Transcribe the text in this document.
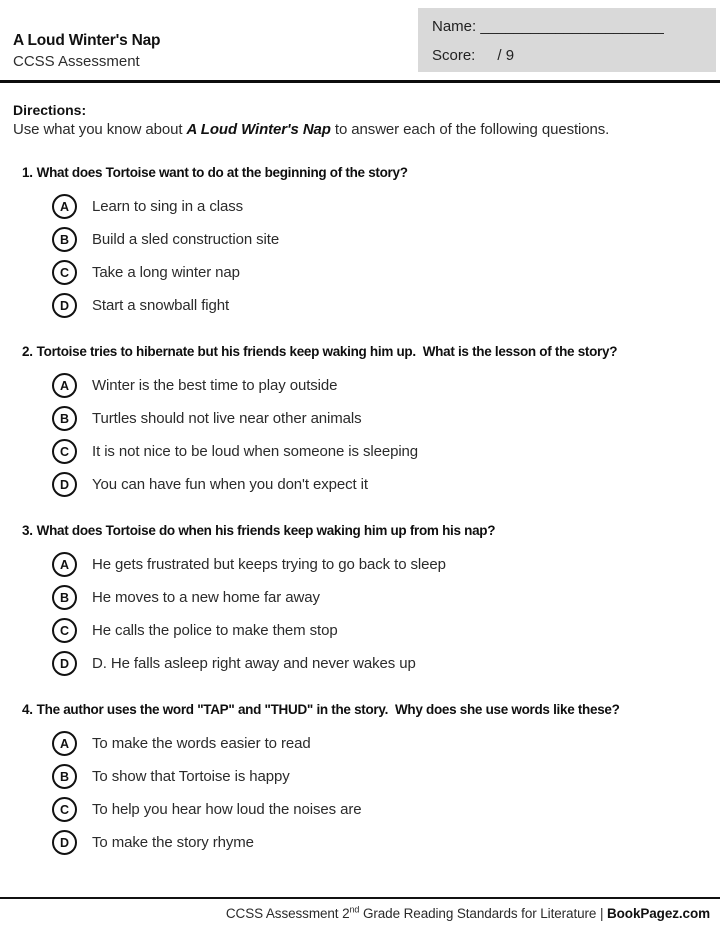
A Loud Winter's Nap
CCSS Assessment
Name: ______________________
Score: / 9
Directions:
Use what you know about A Loud Winter's Nap to answer each of the following questions.
1. What does Tortoise want to do at the beginning of the story?
A	Learn to sing in a class
B	Build a sled construction site
C	Take a long winter nap
D	Start a snowball fight
2. Tortoise tries to hibernate but his friends keep waking him up.  What is the lesson of the story?
A	Winter is the best time to play outside
B	Turtles should not live near other animals
C	It is not nice to be loud when someone is sleeping
D	You can have fun when you don't expect it
3. What does Tortoise do when his friends keep waking him up from his nap?
A	He gets frustrated but keeps trying to go back to sleep
B	He moves to a new home far away
C	He calls the police to make them stop
D	D. He falls asleep right away and never wakes up
4. The author uses the word "TAP" and "THUD" in the story.  Why does she use words like these?
A	To make the words easier to read
B	To show that Tortoise is happy
C	To help you hear how loud the noises are
D	To make the story rhyme
CCSS Assessment 2nd Grade Reading Standards for Literature | BookPagez.com
